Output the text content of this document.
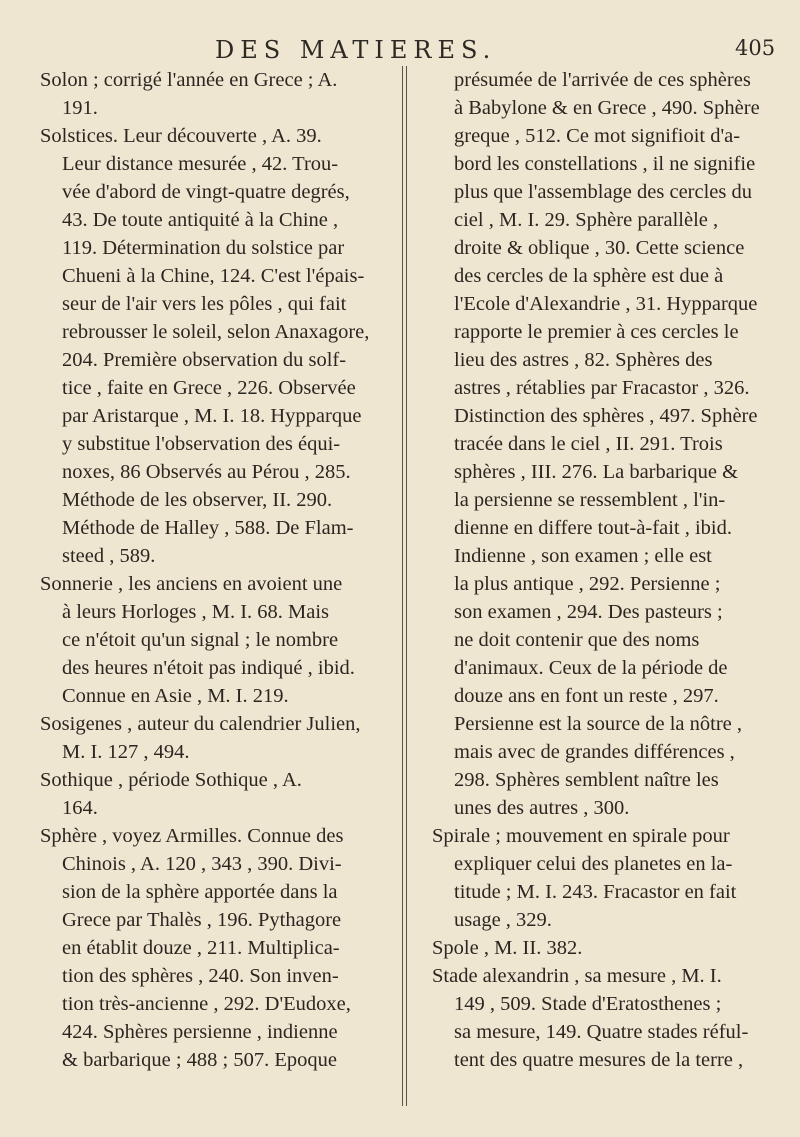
DES MATIERES.	405
Solon ; corrigé l'année en Grece ; A.
191.
Solstices. Leur découverte , A. 39.
Leur distance mesurée , 42. Trou-
vée d'abord de vingt-quatre degrés,
43. De toute antiquité à la Chine ,
119. Détermination du solstice par
Chueni à la Chine, 124. C'est l'épais-
seur de l'air vers les pôles , qui fait
rebrousser le soleil, selon Anaxagore,
204. Première observation du solf-
tice , faite en Grece , 226. Observée
par Aristarque , M. I. 18. Hypparque
y substitue l'observation des équi-
noxes, 86 Observés au Pérou , 285.
Méthode de les observer, II. 290.
Méthode de Halley , 588. De Flam-
steed , 589.
Sonnerie , les anciens en avoient une
à leurs Horloges , M. I. 68. Mais
ce n'étoit qu'un signal ; le nombre
des heures n'étoit pas indiqué , ibid.
Connue en Asie , M. I. 219.
Sosigenes , auteur du calendrier Julien,
M. I. 127 , 494.
Sothique , période Sothique , A.
164.
Sphère , voyez Armilles. Connue des
Chinois , A. 120 , 343 , 390. Divi-
sion de la sphère apportée dans la
Grece par Thalès , 196. Pythagore
en établit douze , 211. Multiplica-
tion des sphères , 240. Son inven-
tion très-ancienne , 292. D'Eudoxe,
424. Sphères persienne , indienne
& barbarique ; 488 ; 507. Epoque
présumée de l'arrivée de ces sphères
à Babylone & en Grece , 490. Sphère
greque , 512. Ce mot signifioit d'a-
bord les constellations , il ne signifie
plus que l'assemblage des cercles du
ciel , M. I. 29. Sphère parallèle ,
droite & oblique , 30. Cette science
des cercles de la sphère est due à
l'Ecole d'Alexandrie , 31. Hypparque
rapporte le premier à ces cercles le
lieu des astres , 82. Sphères des
astres , rétablies par Fracastor , 326.
Distinction des sphères , 497. Sphère
tracée dans le ciel , II. 291. Trois
sphères , III. 276. La barbarique &
la persienne se ressemblent , l'in-
dienne en differe tout-à-fait , ibid.
Indienne , son examen ; elle est
la plus antique , 292. Persienne ;
son examen , 294. Des pasteurs ;
ne doit contenir que des noms
d'animaux. Ceux de la période de
douze ans en font un reste , 297.
Persienne est la source de la nôtre ,
mais avec de grandes différences ,
298. Sphères semblent naître les
unes des autres , 300.
Spirale ; mouvement en spirale pour
expliquer celui des planetes en la-
titude ; M. I. 243. Fracastor en fait
usage , 329.
Spole , M. II. 382.
Stade alexandrin , sa mesure , M. I.
149 , 509. Stade d'Eratosthenes ;
sa mesure, 149. Quatre stades réful-
tent des quatre mesures de la terre ,
